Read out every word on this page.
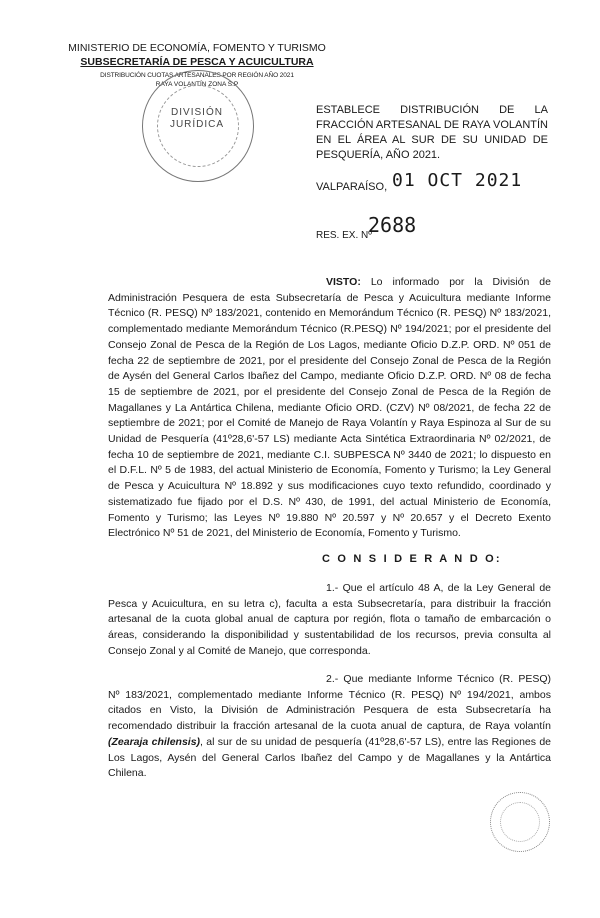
MINISTERIO DE ECONOMÍA, FOMENTO Y TURISMO
SUBSECRETARÍA DE PESCA Y ACUICULTURA
DISTRIBUCIÓN CUOTAS ARTESANALES POR REGIÓN AÑO 2021
RAYA VOLANTÍN ZONA S.P
DIVISIÓN JURÍDICA
ESTABLECE DISTRIBUCIÓN DE LA FRACCIÓN ARTESANAL DE RAYA VOLANTÍN EN EL ÁREA AL SUR DE SU UNIDAD DE PESQUERÍA, AÑO 2021.
VALPARAÍSO, 01 OCT 2021
RES. EX. Nº
2688
VISTO: Lo informado por la División de Administración Pesquera de esta Subsecretaría de Pesca y Acuicultura mediante Informe Técnico (R. PESQ) Nº 183/2021, contenido en Memorándum Técnico (R. PESQ) Nº 183/2021, complementado mediante Memorándum Técnico (R.PESQ) Nº 194/2021; por el presidente del Consejo Zonal de Pesca de la Región de Los Lagos, mediante Oficio D.Z.P. ORD. Nº 051 de fecha 22 de septiembre de 2021, por el presidente del Consejo Zonal de Pesca de la Región de Aysén del General Carlos Ibañez del Campo, mediante Oficio D.Z.P. ORD. Nº 08 de fecha 15 de septiembre de 2021, por el presidente del Consejo Zonal de Pesca de la Región de Magallanes y La Antártica Chilena, mediante Oficio ORD. (CZV) Nº 08/2021, de fecha 22 de septiembre de 2021; por el Comité de Manejo de Raya Volantín y Raya Espinoza al Sur de su Unidad de Pesquería (41º28,6'-57 LS) mediante Acta Sintética Extraordinaria Nº 02/2021, de fecha 10 de septiembre de 2021, mediante C.I. SUBPESCA Nº 3440 de 2021; lo dispuesto en el D.F.L. Nº 5 de 1983, del actual Ministerio de Economía, Fomento y Turismo; la Ley General de Pesca y Acuicultura Nº 18.892 y sus modificaciones cuyo texto refundido, coordinado y sistematizado fue fijado por el D.S. Nº 430, de 1991, del actual Ministerio de Economía, Fomento y Turismo; las Leyes Nº 19.880 Nº 20.597 y Nº 20.657 y el Decreto Exento Electrónico Nº 51 de 2021, del Ministerio de Economía, Fomento y Turismo.
C O N S I D E R A N D O:
1.- Que el artículo 48 A, de la Ley General de Pesca y Acuicultura, en su letra c), faculta a esta Subsecretaría, para distribuir la fracción artesanal de la cuota global anual de captura por región, flota o tamaño de embarcación o áreas, considerando la disponibilidad y sustentabilidad de los recursos, previa consulta al Consejo Zonal y al Comité de Manejo, que corresponda.
2.- Que mediante Informe Técnico (R. PESQ) Nº 183/2021, complementado mediante Informe Técnico (R. PESQ) Nº 194/2021, ambos citados en Visto, la División de Administración Pesquera de esta Subsecretaría ha recomendado distribuir la fracción artesanal de la cuota anual de captura, de Raya volantín (Zearaja chilensis), al sur de su unidad de pesquería (41º28,6'-57 LS), entre las Regiones de Los Lagos, Aysén del General Carlos Ibañez del Campo y de Magallanes y la Antártica Chilena.
